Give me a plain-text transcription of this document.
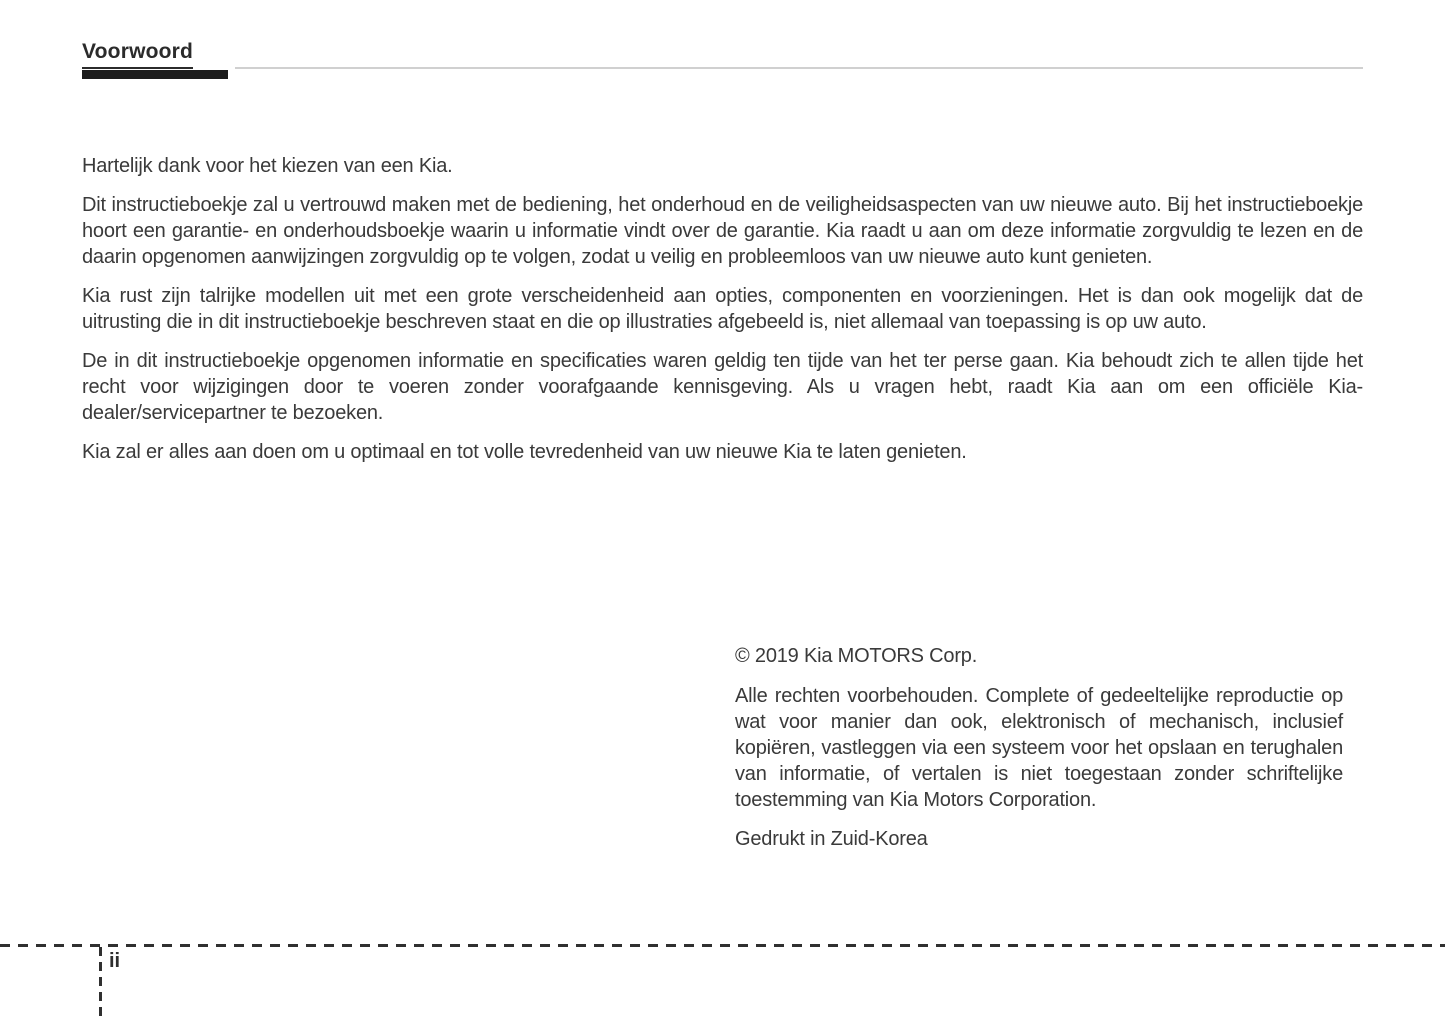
Voorwoord

Hartelijk dank voor het kiezen van een Kia.

Dit instructieboekje zal u vertrouwd maken met de bediening, het onderhoud en de veiligheidsaspecten van uw nieuwe auto. Bij het instructieboekje hoort een garantie- en onderhoudsboekje waarin u informatie vindt over de garantie. Kia raadt u aan om deze informatie zorgvuldig te lezen en de daarin opgenomen aanwijzingen zorgvuldig op te volgen, zodat u veilig en probleemloos van uw nieuwe auto kunt genieten.

Kia rust zijn talrijke modellen uit met een grote verscheidenheid aan opties, componenten en voorzieningen. Het is dan ook mogelijk dat de uitrusting die in dit instructieboekje beschreven staat en die op illustraties afgebeeld is, niet allemaal van toepassing is op uw auto.

De in dit instructieboekje opgenomen informatie en specificaties waren geldig ten tijde van het ter perse gaan. Kia behoudt zich te allen tijde het recht voor wijzigingen door te voeren zonder voorafgaande kennisgeving. Als u vragen hebt, raadt Kia aan om een officiële Kia-dealer/servicepartner te bezoeken.

Kia zal er alles aan doen om u optimaal en tot volle tevredenheid van uw nieuwe Kia te laten genieten.

© 2019 Kia MOTORS Corp.

Alle rechten voorbehouden. Complete of gedeeltelijke reproductie op wat voor manier dan ook, elektronisch of mechanisch, inclusief kopiëren, vastleggen via een systeem voor het opslaan en terughalen van informatie, of vertalen is niet toegestaan zonder schriftelijke toestemming van Kia Motors Corporation.

Gedrukt in Zuid-Korea

ii
